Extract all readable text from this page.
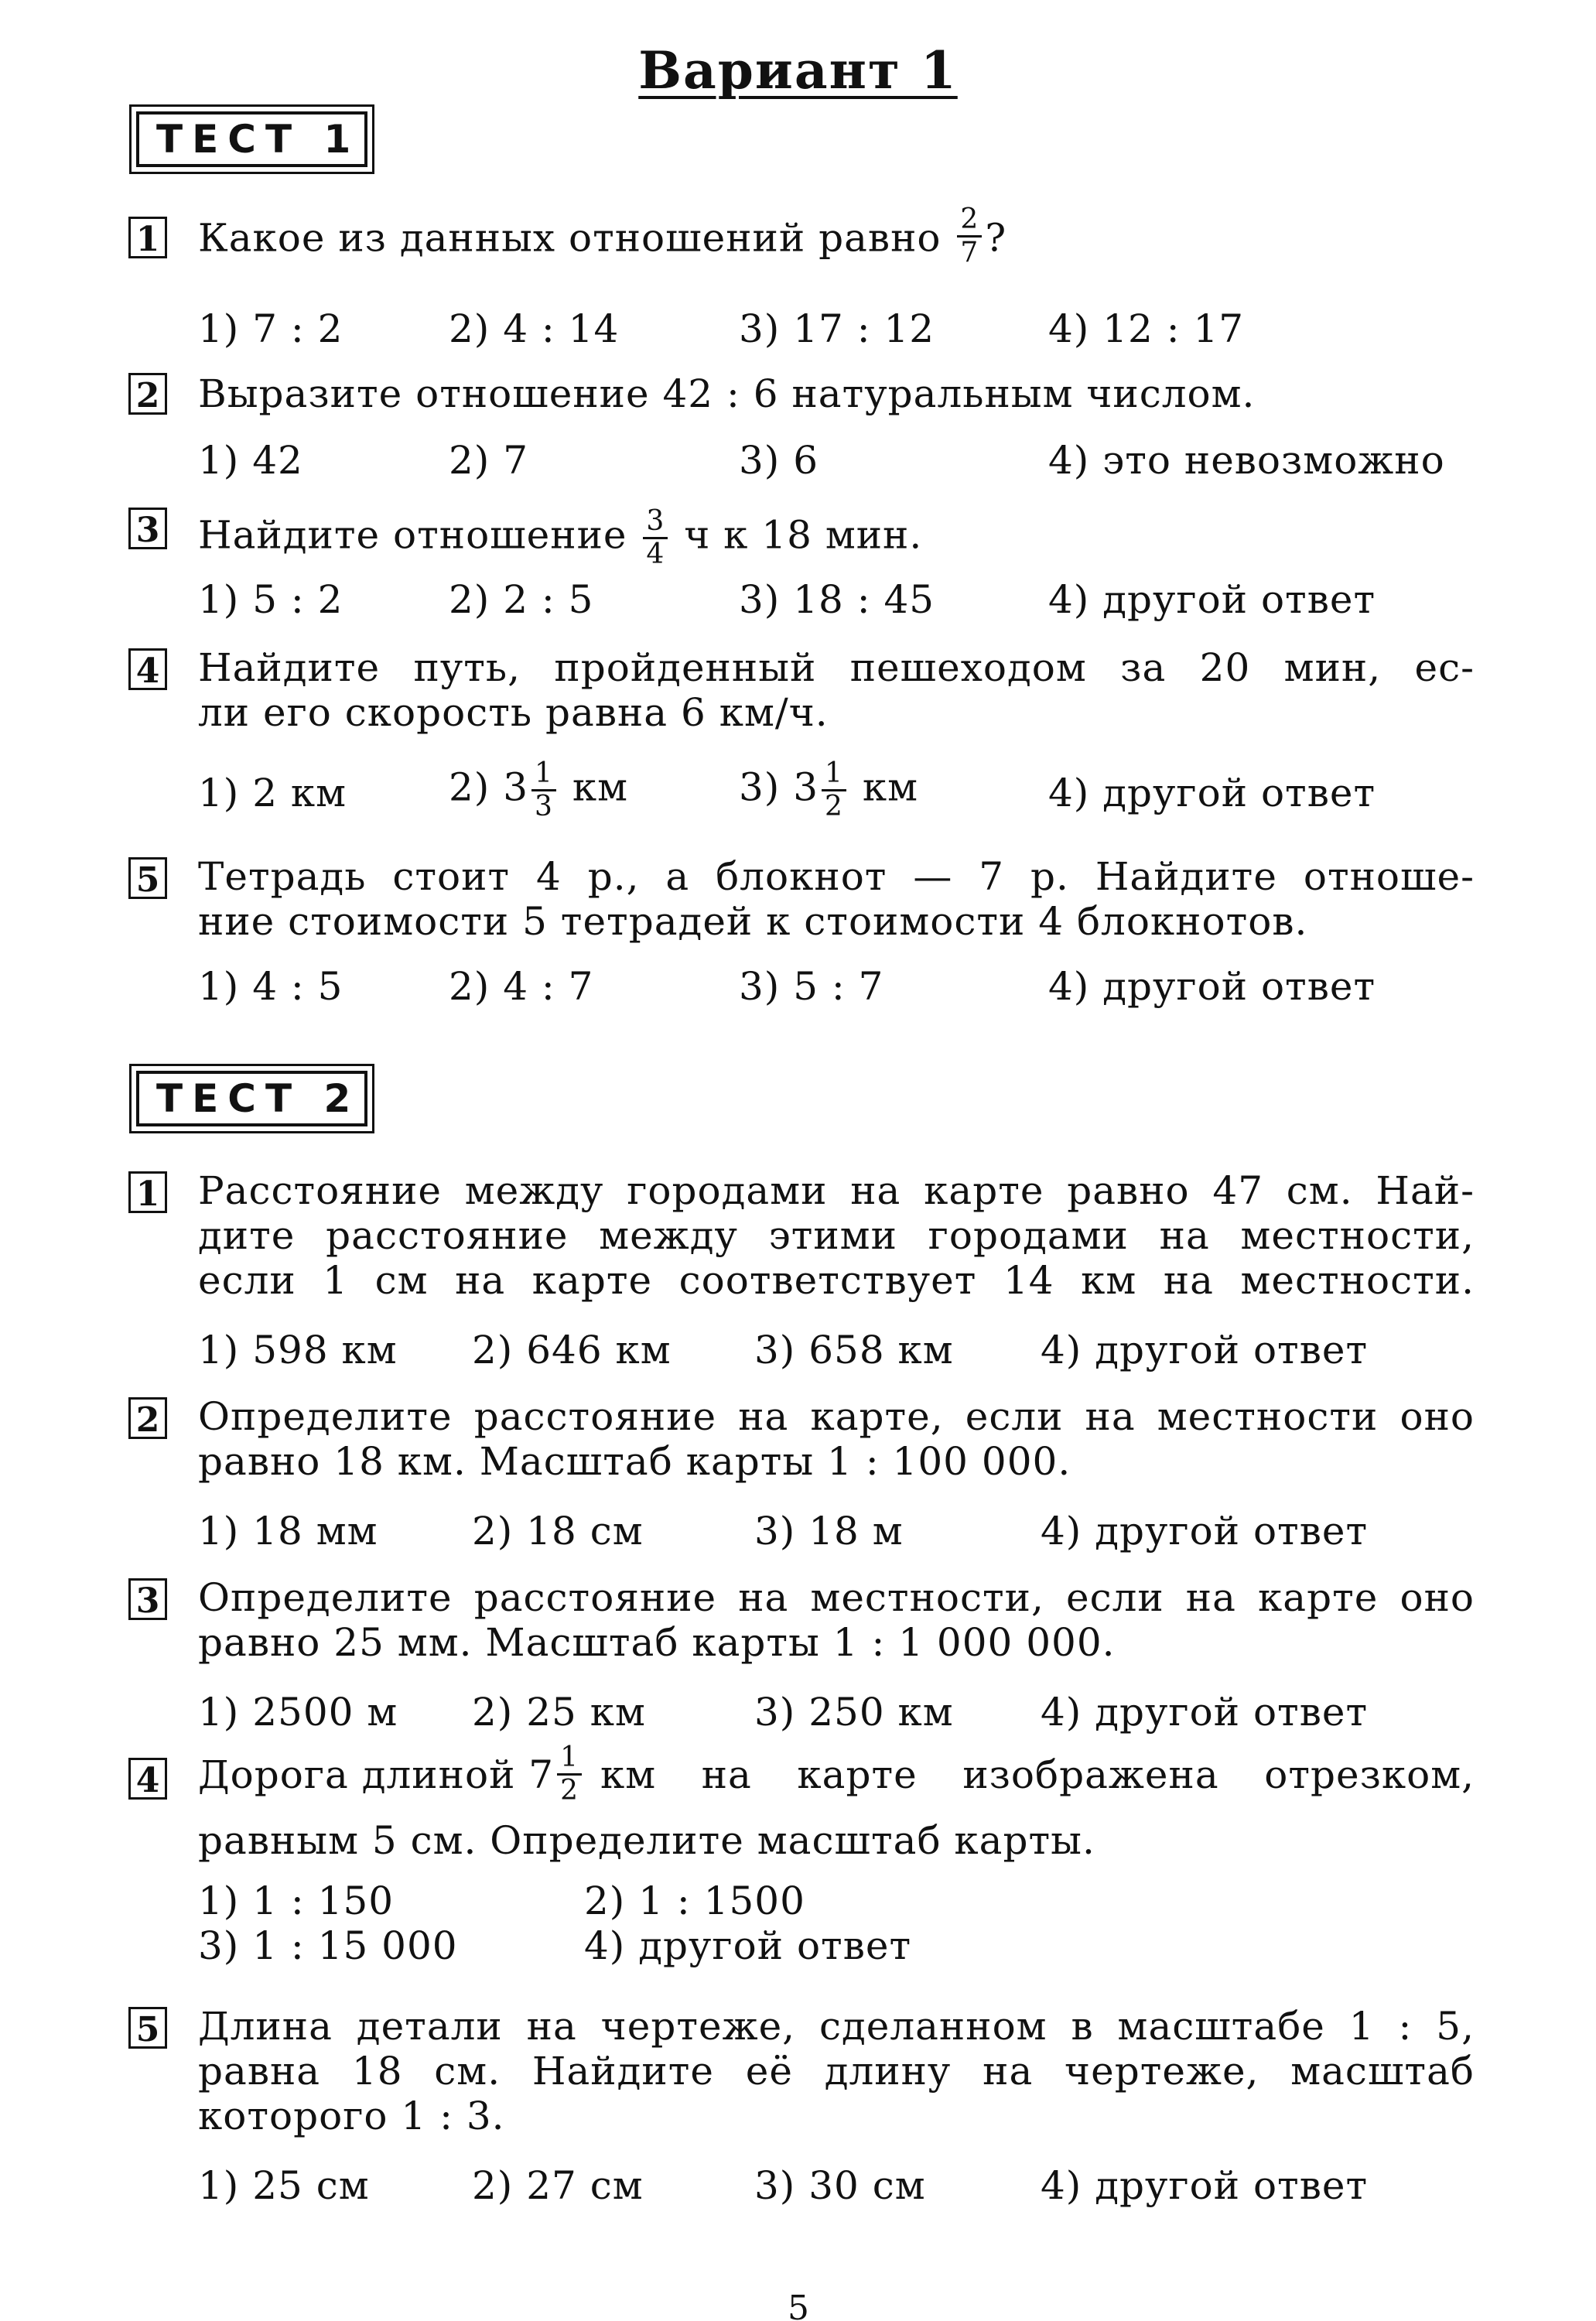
Вариант 1
ТЕСТ 1
1 Какое из данных отношений равно $\frac{2}{7}$ ?
1) 7 : 2	2) 4 : 14	3) 17 : 12	4) 12 : 17
2 Выразите отношение 42 : 6 натуральным числом.
1) 42	2) 7	3) 6	4) это невозможно
3 Найдите отношение $\frac{3}{4}$ ч к 18 мин.
1) 5 : 2	2) 2 : 5	3) 18 : 45	4) другой ответ
4 Найдите путь, пройденный пешеходом за 20 мин, ес-
ли его скорость равна 6 км/ч.
1) 2 км	2) $3 \frac{1}{3}$ км	3) $3 \frac{1}{2}$ км	4) другой ответ
5 Тетрадь стоит 4 р., а блокнот — 7 р. Найдите отноше-
ние стоимости 5 тетрадей к стоимости 4 блокнотов.
1) 4 : 5	2) 4 : 7	3) 5 : 7	4) другой ответ
ТЕСТ 2
1 Расстояние между городами на карте равно 47 см. Най-
дите расстояние между этими городами на местности,
если 1 см на карте соответствует 14 км на местности.
1) 598 км 2) 646 км 3) 658 км 4) другой ответ
2 Определите расстояние на карте, если на местности оно
равно 18 км. Масштаб карты 1 : 100 000.
1) 18 мм 2) 18 см	3) 18 м	4) другой ответ
3 Определите расстояние на местности, если на карте оно
равно 25 мм. Масштаб карты 1 : 1 000 000.
1) 2500 м 2) 25 км	3) 250 км 4) другой ответ
4 Дорога длиной $7 \frac{1}{2}$ км на карте изображена отрезком,
равным 5 см. Определите масштаб карты.
1) 1 : 150	2) 1 : 1500
3) 1 : 15 000	4) другой ответ
5 Длина детали на чертеже, сделанном в масштабе 1 : 5,
равна 18 см. Найдите её длину на чертеже, масштаб
которого 1 : 3.
1) 25 см	2) 27 см	3) 30 см	4) другой ответ
5
